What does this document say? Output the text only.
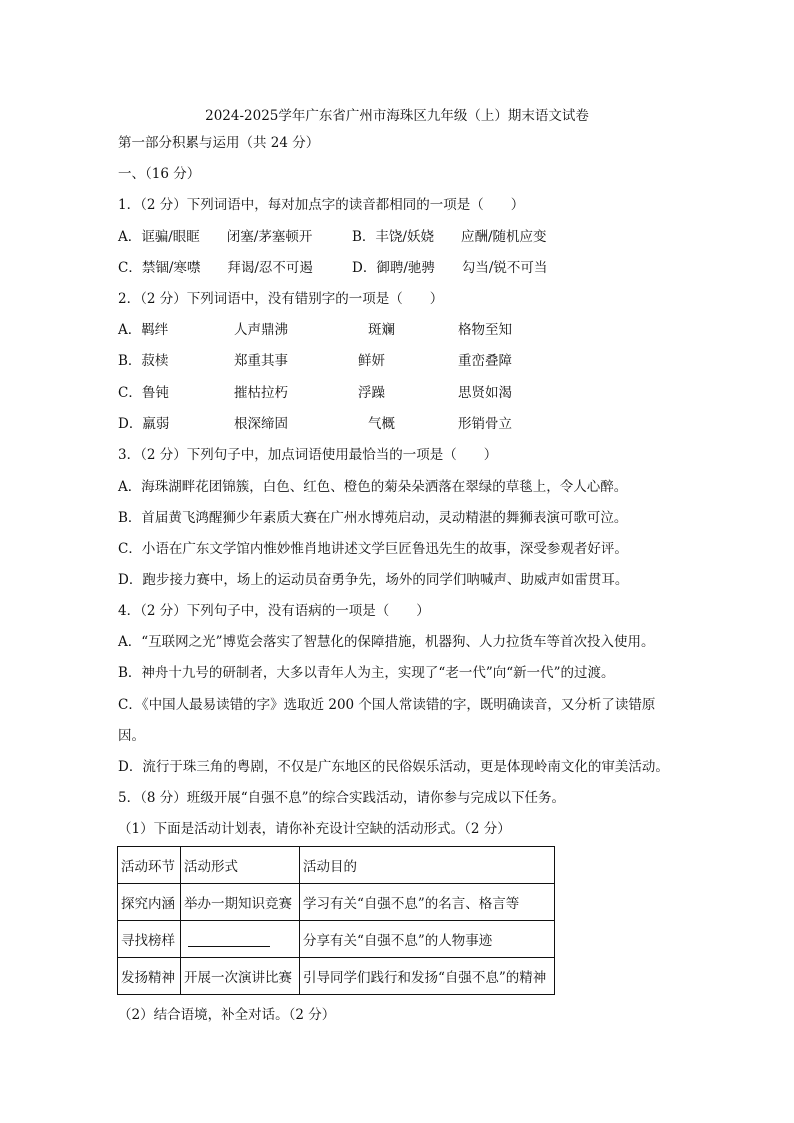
2024-2025学年广东省广州市海珠区九年级（上）期末语文试卷
第一部分积累与运用（共 24 分）
一、（16 分）
1．（2 分）下列词语中，每对加点字的读音都相同的一项是（　　）
A．诓骗/眼眶　　闭塞/茅塞顿开	B．丰饶/妖娆　　应酬/随机应变
C．禁锢/寒噤　　拜谒/忍不可遏	D．御聘/驰骋　　勾当/锐不可当
2．（2 分）下列词语中，没有错别字的一项是（　　）
A．羁绊	人声鼎沸	斑斓	格物至知
B．菽椟	郑重其事	鲜妍	重峦叠障
C．鲁钝	摧枯拉朽	浮躁	思贤如渴
D．羸弱	根深缔固	气概	形销骨立
3．（2 分）下列句子中，加点词语使用最恰当的一项是（　　）
A．海珠湖畔花团锦簇，白色、红色、橙色的菊朵朵洒落在翠绿的草毯上，令人心醉。
B．首届黄飞鸿醒狮少年素质大赛在广州水博苑启动，灵动精湛的舞狮表演可歌可泣。
C．小语在广东文学馆内惟妙惟肖地讲述文学巨匠鲁迅先生的故事，深受参观者好评。
D．跑步接力赛中，场上的运动员奋勇争先，场外的同学们呐喊声、助威声如雷贯耳。
4．（2 分）下列句子中，没有语病的一项是（　　）
A．“互联网之光”博览会落实了智慧化的保障措施，机器狗、人力拉货车等首次投入使用。
B．神舟十九号的研制者，大多以青年人为主，实现了“老一代”向“新一代”的过渡。
C．《中国人最易读错的字》选取近 200 个国人常读错的字，既明确读音，又分析了读错原
因。
D．流行于珠三角的粤剧，不仅是广东地区的民俗娱乐活动，更是体现岭南文化的审美活动。
5．（8 分）班级开展“自强不息”的综合实践活动，请你参与完成以下任务。
（1）下面是活动计划表，请你补充设计空缺的活动形式。（2 分）
活动环节	活动形式	活动目的
探究内涵	举办一期知识竞赛	学习有关“自强不息”的名言、格言等
寻找榜样		分享有关“自强不息”的人物事迹
发扬精神	开展一次演讲比赛	引导同学们践行和发扬“自强不息”的精神
（2）结合语境，补全对话。（2 分）
